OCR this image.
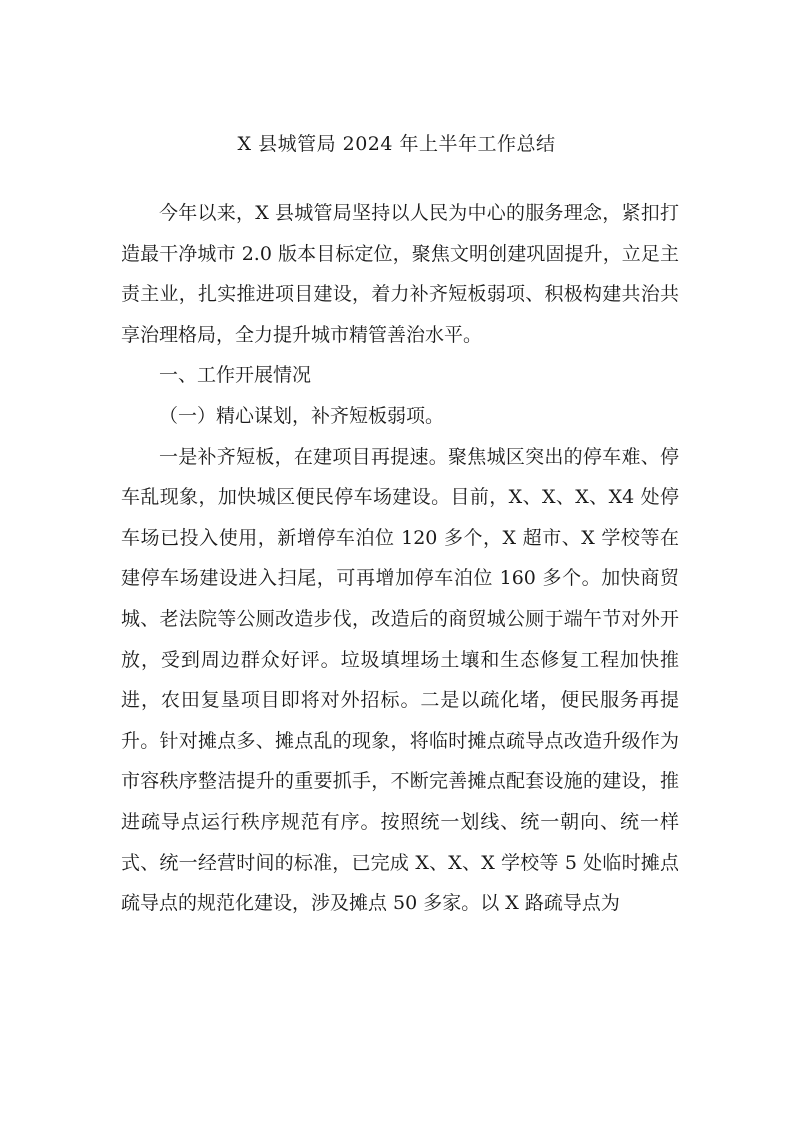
X 县城管局 2024 年上半年工作总结

今年以来，X 县城管局坚持以人民为中心的服务理念，紧扣打造最干净城市 2.0 版本目标定位，聚焦文明创建巩固提升，立足主责主业，扎实推进项目建设，着力补齐短板弱项、积极构建共治共享治理格局，全力提升城市精管善治水平。

一、工作开展情况

（一）精心谋划，补齐短板弱项。

一是补齐短板，在建项目再提速。聚焦城区突出的停车难、停车乱现象，加快城区便民停车场建设。目前，X、X、X、X4 处停车场已投入使用，新增停车泊位 120 多个，X 超市、X 学校等在建停车场建设进入扫尾，可再增加停车泊位 160 多个。加快商贸城、老法院等公厕改造步伐，改造后的商贸城公厕于端午节对外开放，受到周边群众好评。垃圾填埋场土壤和生态修复工程加快推进，农田复垦项目即将对外招标。二是以疏化堵，便民服务再提升。针对摊点多、摊点乱的现象，将临时摊点疏导点改造升级作为市容秩序整洁提升的重要抓手，不断完善摊点配套设施的建设，推进疏导点运行秩序规范有序。按照统一划线、统一朝向、统一样式、统一经营时间的标准，已完成 X、X、X 学校等 5 处临时摊点疏导点的规范化建设，涉及摊点 50 多家。以 X 路疏导点为
